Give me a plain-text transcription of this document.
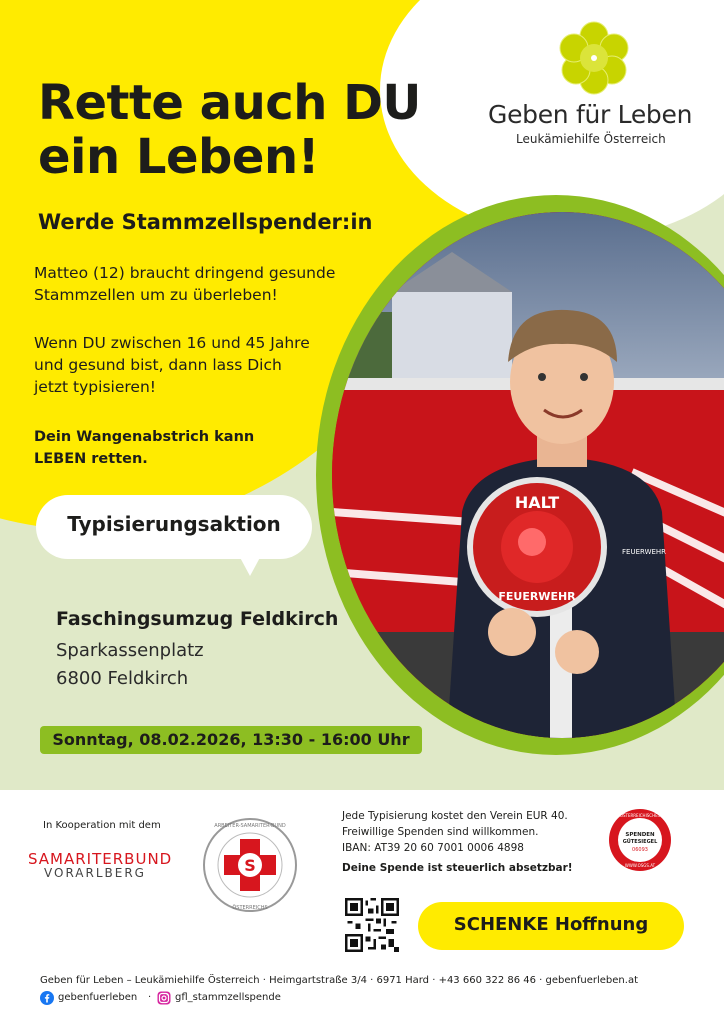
Rette auch DU
ein Leben!
Werde Stammzellspender:in
Matteo (12) braucht dringend gesunde
Stammzellen um zu überleben!
Wenn DU zwischen 16 und 45 Jahre
und gesund bist, dann lass Dich
jetzt typisieren!
Dein Wangenabstrich kann
LEBEN retten.
Geben für Leben
Leukämiehilfe Österreich
HALT
FEUERWEHR
FEUERWEHR
Typisierungsaktion
Faschingsumzug Feldkirch
Sparkassenplatz
6800 Feldkirch
Sonntag, 08.02.2026, 13:30 - 16:00 Uhr
In Kooperation mit dem
SAMARITERBUND
VORARLBERG	S
ARBEITER-SAMARITER-BUND
ÖSTERREICHS
Jede Typisierung kostet den Verein EUR 40.
Freiwillige Spenden sind willkommen.
IBAN: AT39 20 60 7001 0006 4898
Deine Spende ist steuerlich absetzbar!
ÖSTERREICHISCHES
SPENDEN
GÜTESIEGEL
06093
WWW.OSGS.AT
SCHENKE Hoffnung
Geben für Leben – Leukämiehilfe Österreich · Heimgartstraße 3/4 · 6971 Hard · +43 660 322 86 46 · gebenfuerleben.at
gebenfuerleben · gfl_stammzellspende
